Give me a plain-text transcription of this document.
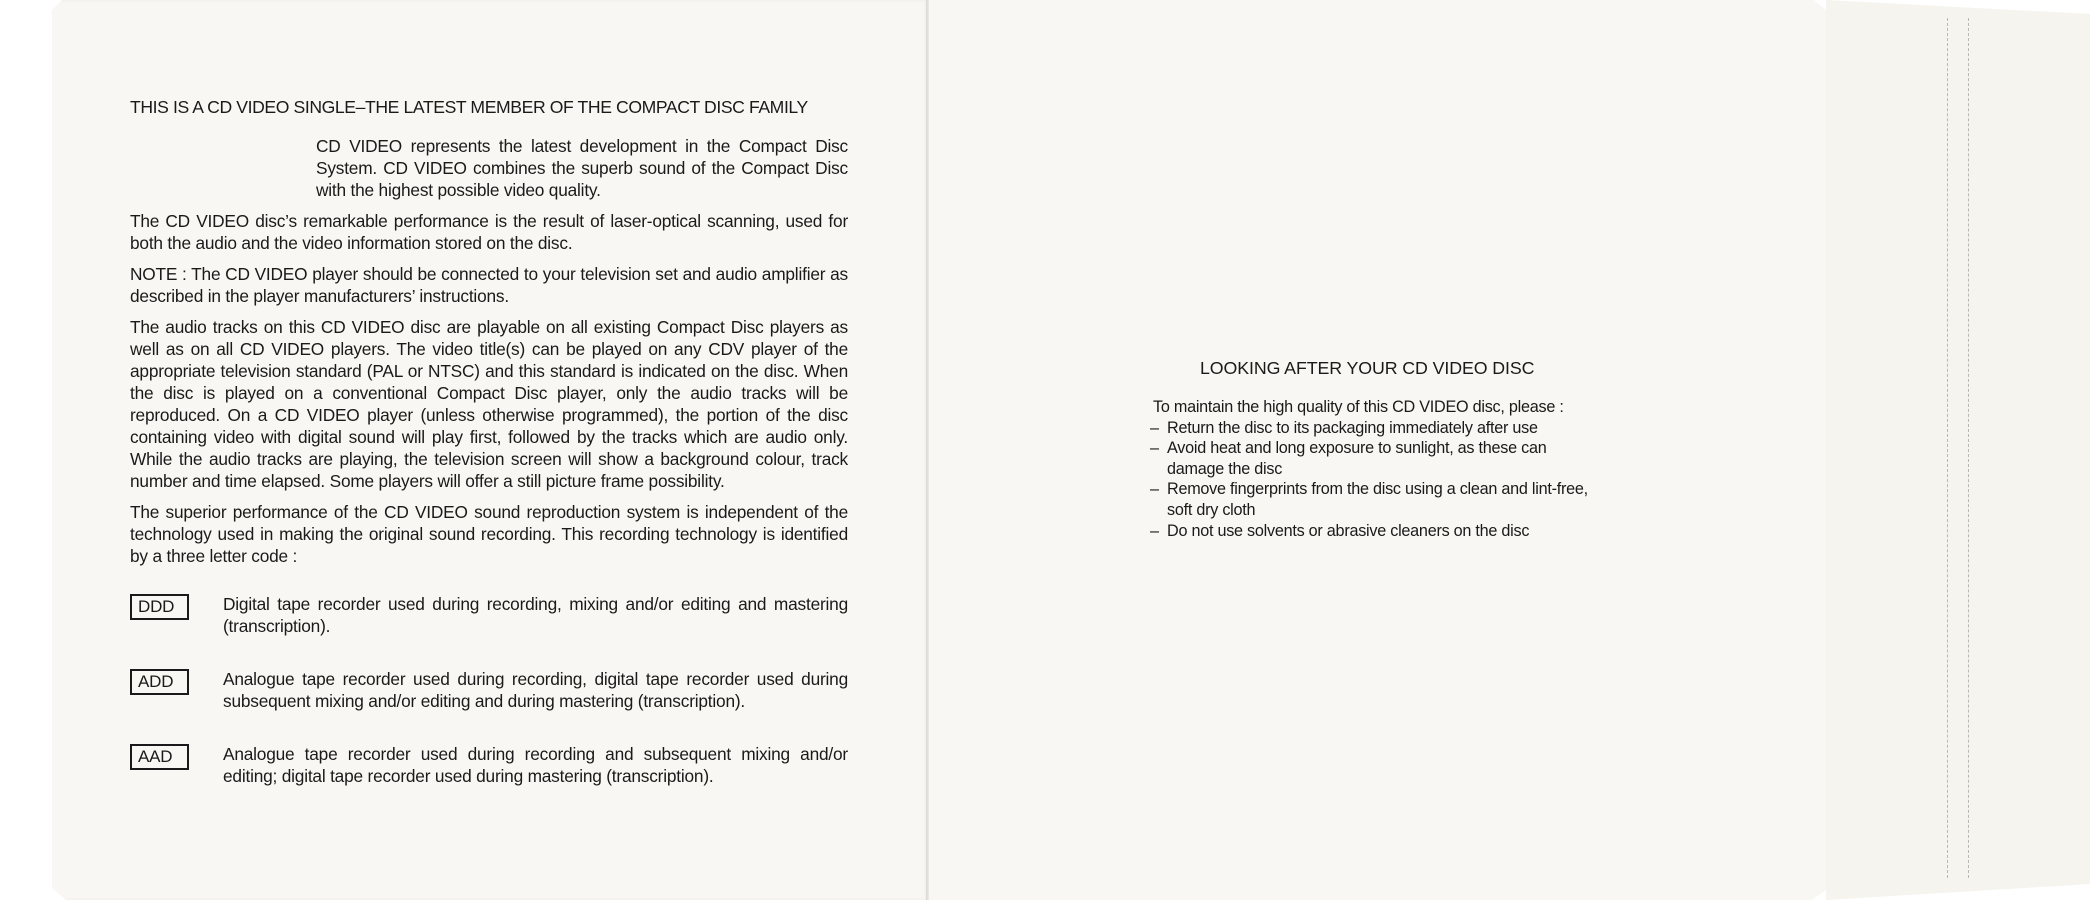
THIS IS A CD VIDEO SINGLE–THE LATEST MEMBER OF THE COMPACT DISC FAMILY
CD VIDEO represents the latest development in the Compact Disc System. CD VIDEO combines the superb sound of the Compact Disc with the highest possible video quality.
The CD VIDEO disc’s remarkable performance is the result of laser-optical scanning, used for both the audio and the video information stored on the disc.
NOTE : The CD VIDEO player should be connected to your television set and audio amplifier as described in the player manufacturers’ instructions.
The audio tracks on this CD VIDEO disc are playable on all existing Compact Disc players as well as on all CD VIDEO players. The video title(s) can be played on any CDV player of the appropriate television standard (PAL or NTSC) and this standard is indicated on the disc. When the disc is played on a conventional Compact Disc player, only the audio tracks will be reproduced. On a CD VIDEO player (unless otherwise programmed), the portion of the disc containing video with digital sound will play first, followed by the tracks which are audio only. While the audio tracks are playing, the television screen will show a background colour, track number and time elapsed. Some players will offer a still picture frame possibility.
The superior performance of the CD VIDEO sound reproduction system is independent of the technology used in making the original sound recording. This recording technology is identified by a three letter code :
DDD	Digital tape recorder used during recording, mixing and/or editing and mastering (transcription).
ADD	Analogue tape recorder used during recording, digital tape recorder used during subsequent mixing and/or editing and during mastering (transcription).
AAD	Analogue tape recorder used during recording and subsequent mixing and/or editing; digital tape recorder used during mastering (transcription).
LOOKING AFTER YOUR CD VIDEO DISC

To maintain the high quality of this CD VIDEO disc, please :

– Return the disc to its packaging immediately after use
– Avoid heat and long exposure to sunlight, as these can damage the disc
– Remove fingerprints from the disc using a clean and lint-free, soft dry cloth
– Do not use solvents or abrasive cleaners on the disc
